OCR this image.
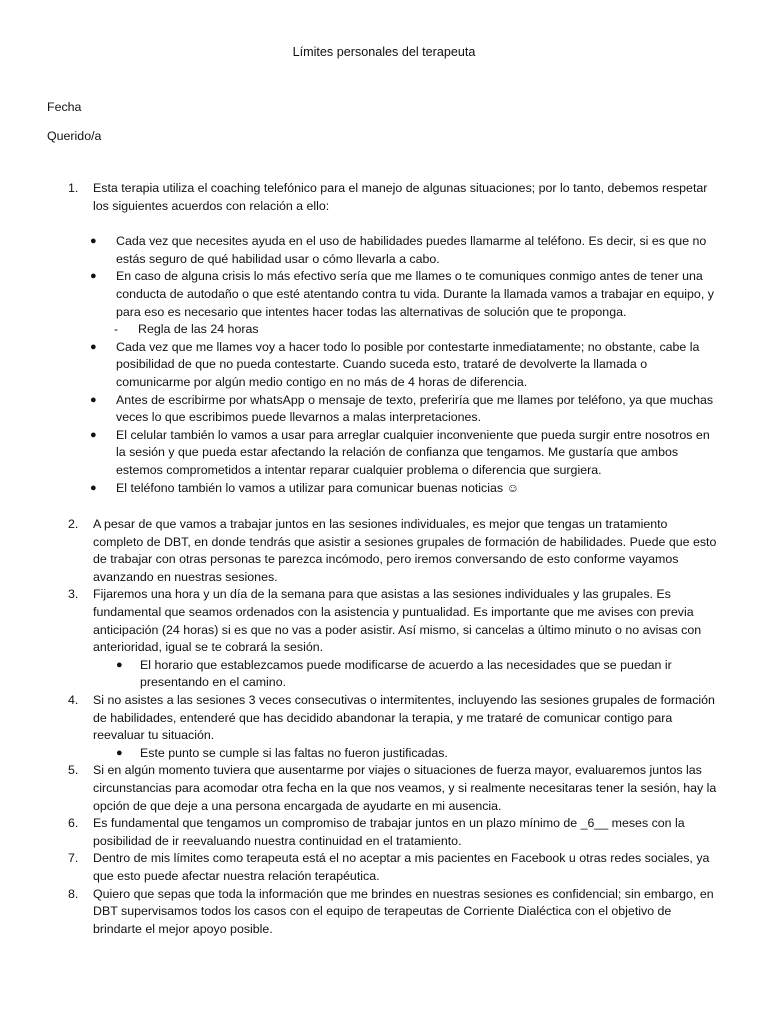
Límites personales del terapeuta
Fecha
Querido/a
1. Esta terapia utiliza el coaching telefónico para el manejo de algunas situaciones; por lo tanto, debemos respetar los siguientes acuerdos con relación a ello:
● Cada vez que necesites ayuda en el uso de habilidades puedes llamarme al teléfono. Es decir, si es que no estás seguro de qué habilidad usar o cómo llevarla a cabo.
● En caso de alguna crisis lo más efectivo sería que me llames o te comuniques conmigo antes de tener una conducta de autodaño o que esté atentando contra tu vida. Durante la llamada vamos a trabajar en equipo, y para eso es necesario que intentes hacer todas las alternativas de solución que te proponga.
- Regla de las 24 horas
● Cada vez que me llames voy a hacer todo lo posible por contestarte inmediatamente; no obstante, cabe la posibilidad de que no pueda contestarte. Cuando suceda esto, trataré de devolverte la llamada o comunicarme por algún medio contigo en no más de 4 horas de diferencia.
● Antes de escribirme por whatsApp o mensaje de texto, preferiría que me llames por teléfono, ya que muchas veces lo que escribimos puede llevarnos a malas interpretaciones.
● El celular también lo vamos a usar para arreglar cualquier inconveniente que pueda surgir entre nosotros en la sesión y que pueda estar afectando la relación de confianza que tengamos. Me gustaría que ambos estemos comprometidos a intentar reparar cualquier problema o diferencia que surgiera.
● El teléfono también lo vamos a utilizar para comunicar buenas noticias ☺
2. A pesar de que vamos a trabajar juntos en las sesiones individuales, es mejor que tengas un tratamiento completo de DBT, en donde tendrás que asistir a sesiones grupales de formación de habilidades. Puede que esto de trabajar con otras personas te parezca incómodo, pero iremos conversando de esto conforme vayamos avanzando en nuestras sesiones.
3. Fijaremos una hora y un día de la semana para que asistas a las sesiones individuales y las grupales. Es fundamental que seamos ordenados con la asistencia y puntualidad. Es importante que me avises con previa anticipación (24 horas) si es que no vas a poder asistir. Así mismo, si cancelas a último minuto o no avisas con anterioridad, igual se te cobrará la sesión.
● El horario que establezcamos puede modificarse de acuerdo a las necesidades que se puedan ir presentando en el camino.
4. Si no asistes a las sesiones 3 veces consecutivas o intermitentes, incluyendo las sesiones grupales de formación de habilidades, entenderé que has decidido abandonar la terapia, y me trataré de comunicar contigo para reevaluar tu situación.
● Este punto se cumple si las faltas no fueron justificadas.
5. Si en algún momento tuviera que ausentarme por viajes o situaciones de fuerza mayor, evaluaremos juntos las circunstancias para acomodar otra fecha en la que nos veamos, y si realmente necesitaras tener la sesión, hay la opción de que deje a una persona encargada de ayudarte en mi ausencia.
6. Es fundamental que tengamos un compromiso de trabajar juntos en un plazo mínimo de _6__ meses con la posibilidad de ir reevaluando nuestra continuidad en el tratamiento.
7. Dentro de mis límites como terapeuta está el no aceptar a mis pacientes en Facebook u otras redes sociales, ya que esto puede afectar nuestra relación terapéutica.
8. Quiero que sepas que toda la información que me brindes en nuestras sesiones es confidencial; sin embargo, en DBT supervisamos todos los casos con el equipo de terapeutas de Corriente Dialéctica con el objetivo de brindarte el mejor apoyo posible.
